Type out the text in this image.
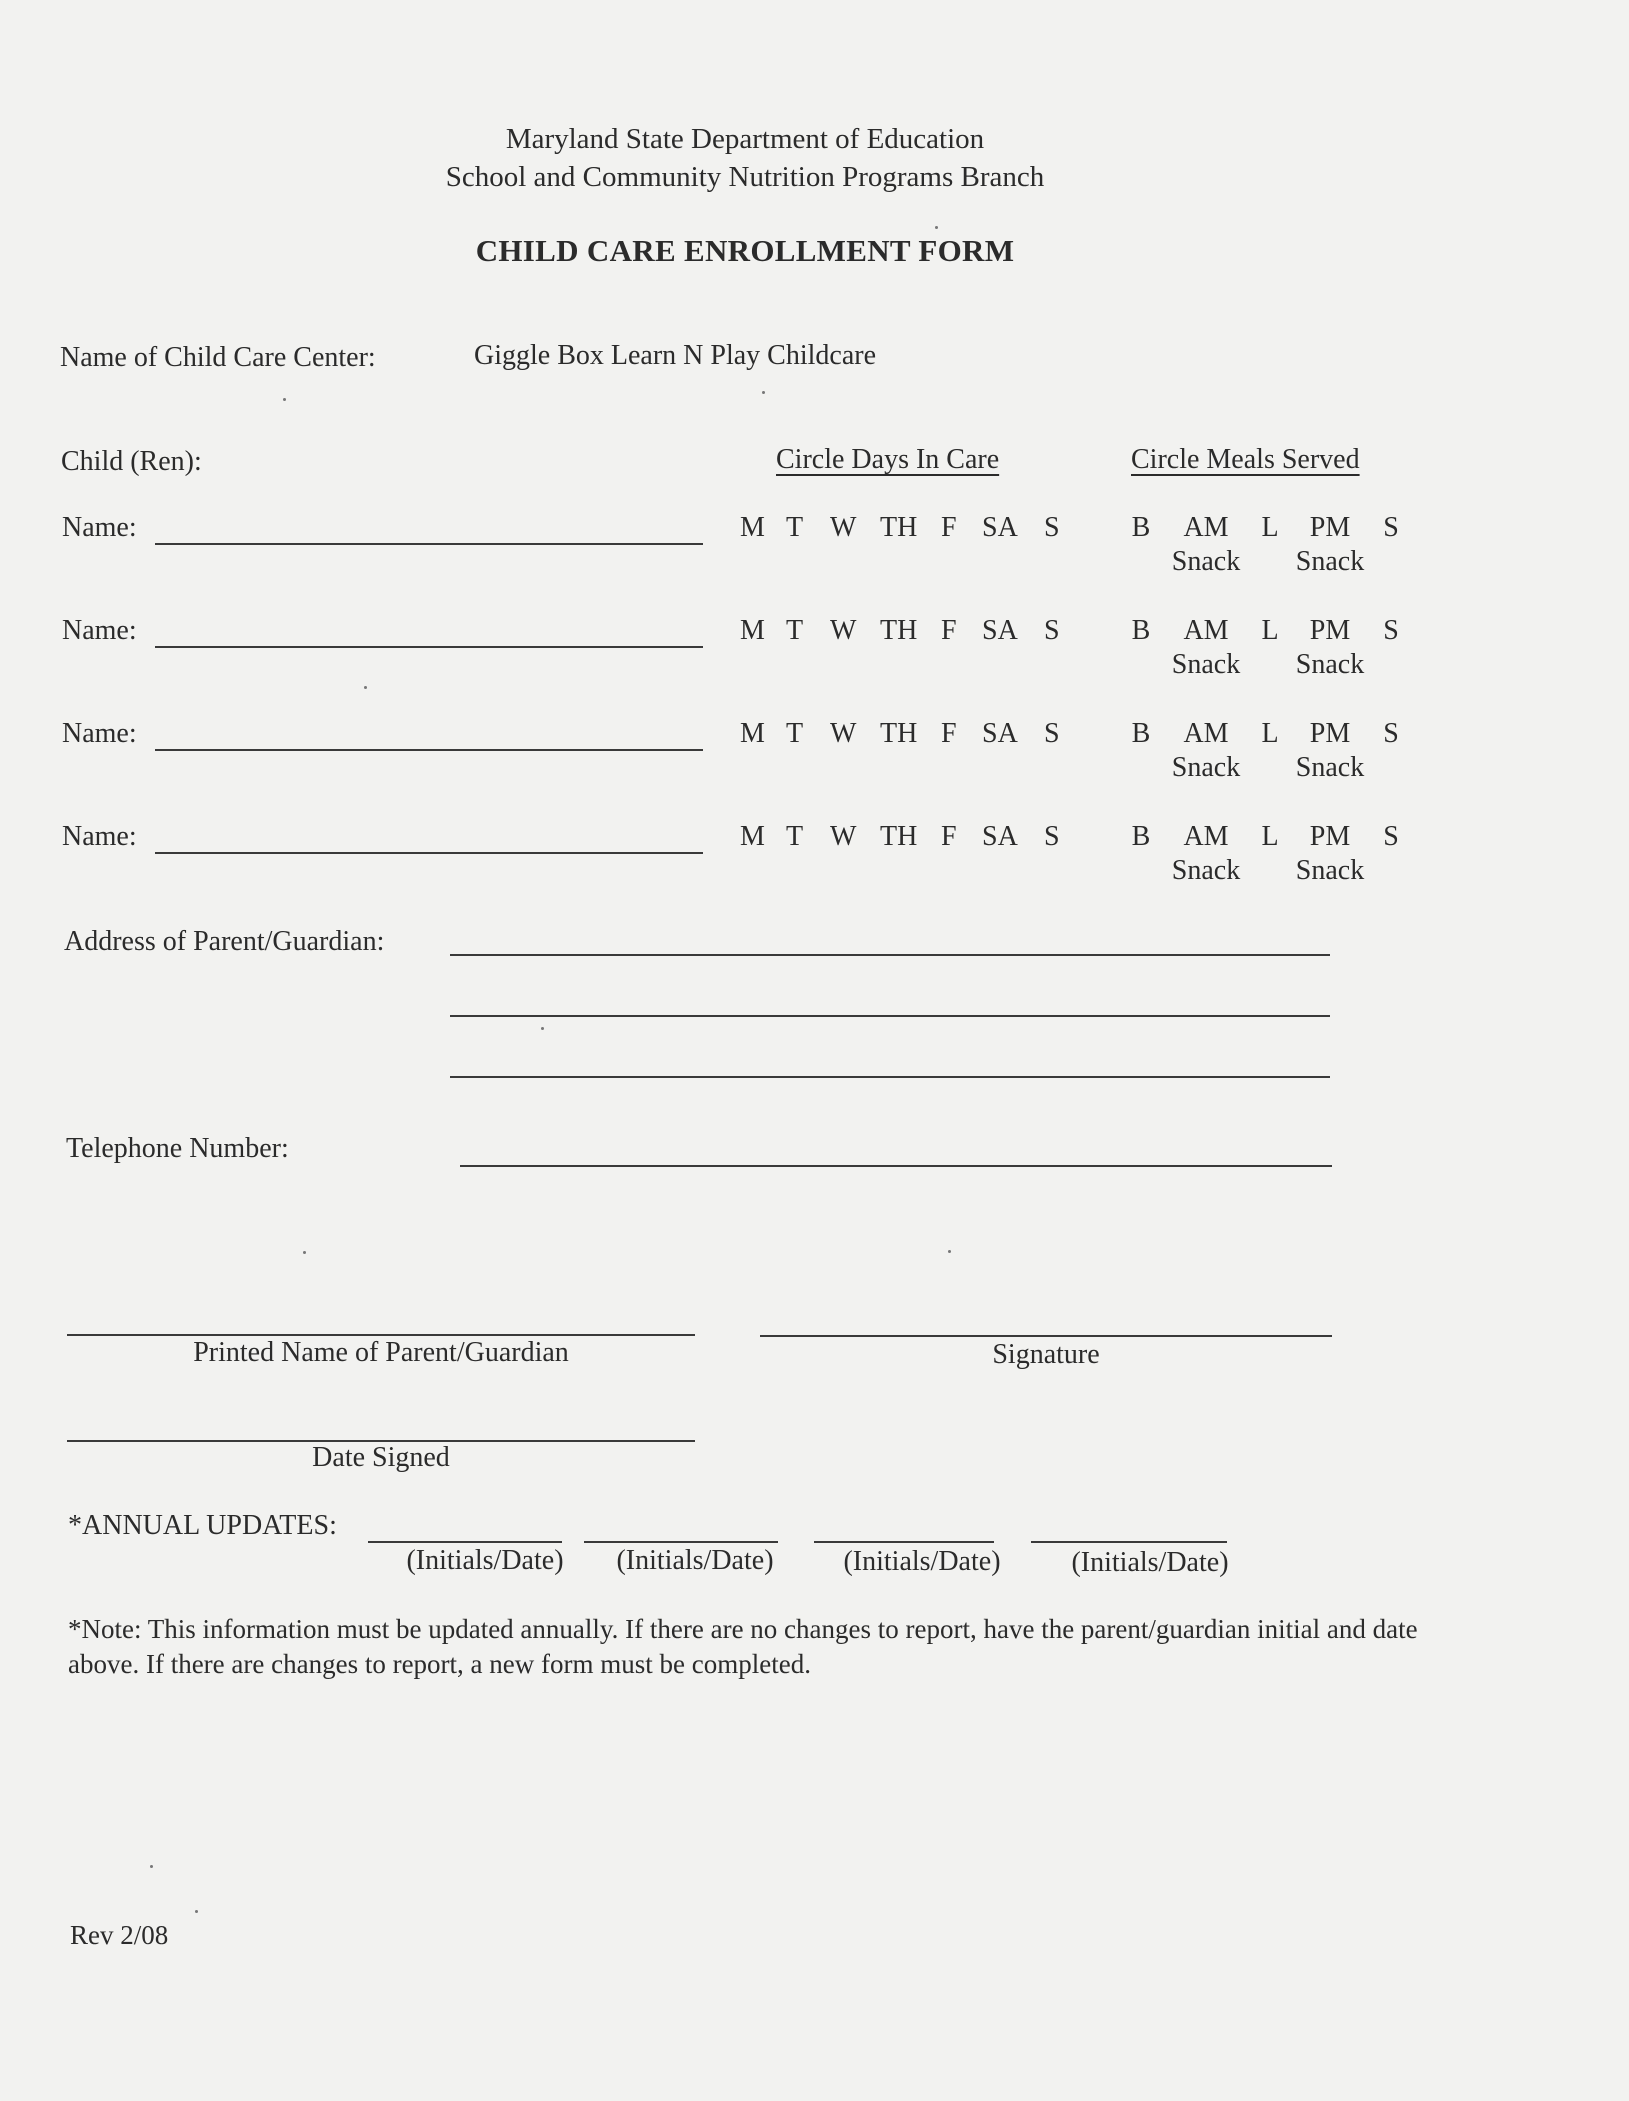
Maryland State Department of Education
School and Community Nutrition Programs Branch
CHILD CARE ENROLLMENT FORM
Name of Child Care Center:	Giggle Box Learn N Play Childcare
Child (Ren):	Circle Days In Care	Circle Meals Served
Name:	M T W TH F SA S	B	AM	L	PM	S
Snack	Snack
Name:	M T W TH F SA S	B	AM	L	PM	S
Snack	Snack
Name:	M T W TH F SA S	B	AM	L	PM	S
Snack	Snack
Name:	M T W TH F SA S	B	AM	L	PM	S
Snack	Snack
Address of Parent/Guardian:
Telephone Number:
Printed Name of Parent/Guardian	Signature
Date Signed
*ANNUAL UPDATES:
(Initials/Date)	(Initials/Date)	(Initials/Date)	(Initials/Date)
*Note: This information must be updated annually. If there are no changes to report, have the parent/guardian initial and date above. If there are changes to report, a new form must be completed.
Rev 2/08
